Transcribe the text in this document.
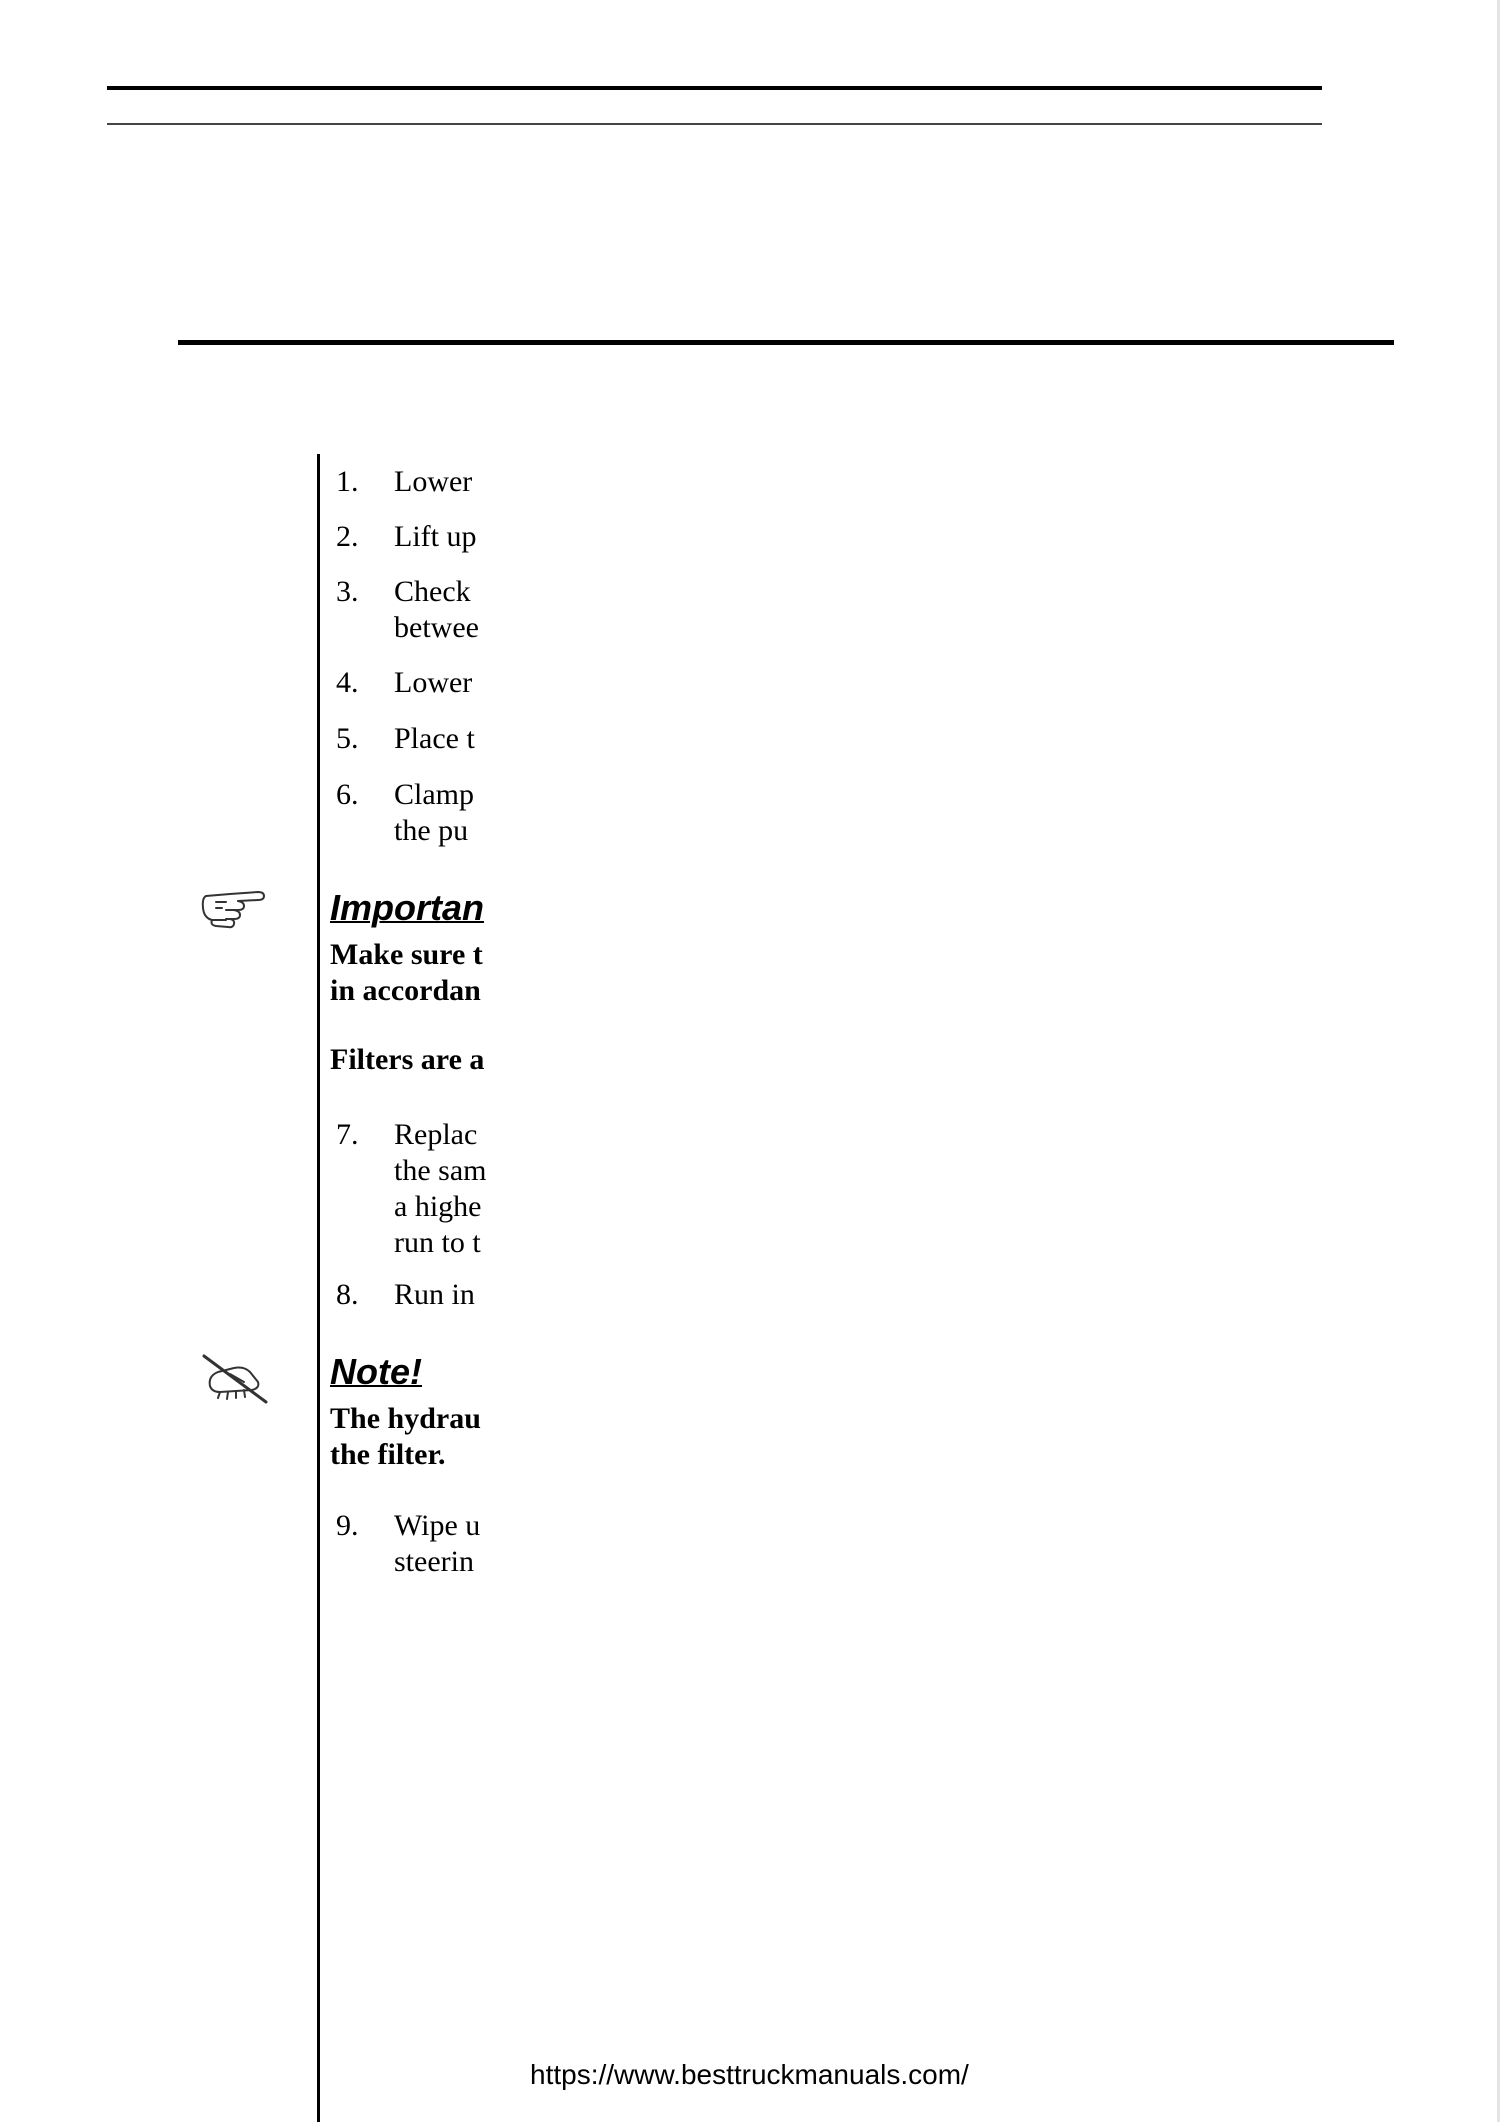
1.	Lower
2.	Lift up
3.	Check
betwee
4.	Lower
5.	Place t
6.	Clamp
the pu
Importan
Make sure t
in accordan
Filters are a
7.	Replac
the sam
a highe
run to t
8.	Run in
Note!
The hydrau
the filter.
9.	Wipe u
steerin
https://www.besttruckmanuals.com/
